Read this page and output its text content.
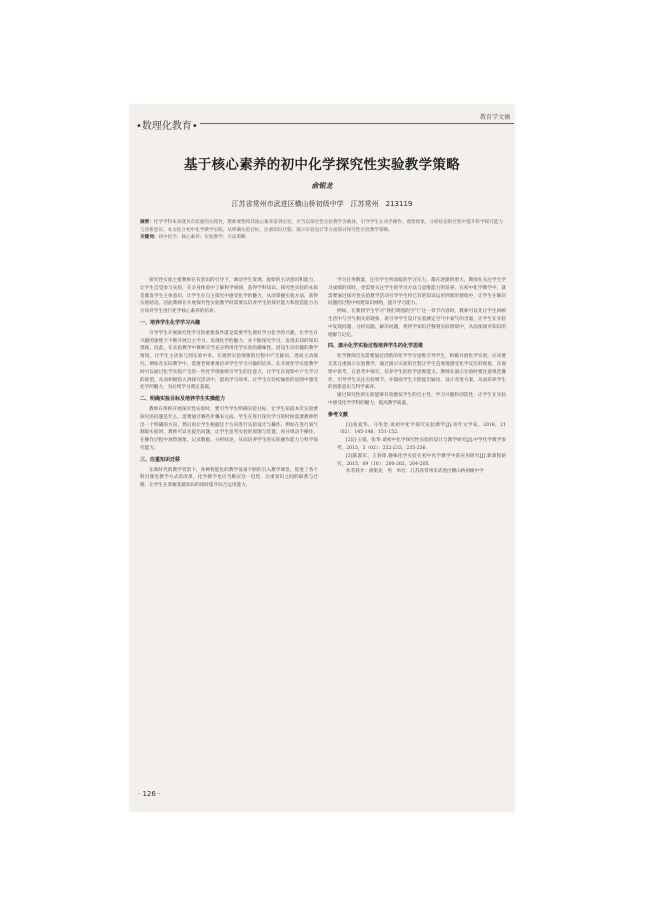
•数理化教育•
教育学文摘
基于核心素养的初中化学探究性实验教学策略
俞银龙
江苏省常州市武进区横山桥初级中学　江苏常州　213119
摘要：化学学科本身就具有较强的实践性，教师要想将其核心素养落到实处，应当以探究性实验教学为载体，引导学生在动手操作、观察现象、分析结论的过程中提升科学探究能力与创新意识。本文结合初中化学教学实践，从明确实验目标、注重知识迁移、演示实验设计等方面探讨探究性实验教学策略。
关键词：初中化学；核心素养；实验教学；方法策略

探究性实验主要教师在有意识的引导下，调动学生发现、观察的主动意识和能力，让学生自觉参与实验，在亲身体验中了解科学规律，获得学科知识。探究性实验的本质是激发学生主体意识，让学生在自主探究中感受化学的魅力，从而掌握实验方法，获得实验结论。因此教师在开展探究性实验教学时需要以培养学生的探究能力和创造能力为方向对学生进行化学核心素养的培养。

一、培养学生化学学习兴趣

引导学生开展探究性学习的重要条件就是需要学生拥有学习化学的兴趣，让学生在兴趣的驱使下不断开展自主学习、发现化学的魅力，并不断探究学习、发现未知的知识奥秘。因此，在实验教学中教师应当充分利用化学实验的趣味性，创设生动有趣的教学情境，让学生主动参与到实验中来，在观察实验现象的过程中产生疑问，进而主动探究。例如在实际教学中，需要老师重视培养学生学习兴趣的培养，在开展化学实验教学时可以通过化学实验产生的一些化学现象吸引学生的注意力，让学生在观察中产生学习的欲望，从而积极投入到探究活动中，提高学习效率，让学生在轻松愉快的氛围中感受化学的魅力，为后续学习奠定基础。

二、明确实验目标及培养学生实操能力

教师在组织开展探究性实验时，要引导学生明确实验目标，让学生知道本次实验要探究的问题是什么，需要通过哪些步骤来完成。学生在进行探究学习的时候需要教师给出一个明确的方向，然后再让学生根据这个方向进行实验设计与操作。例如在进行氧气制取实验时，教师可以先提出问题，让学生思考实验的原理与装置，再分组动手操作，在操作过程中观察现象、记录数据、分析结论，从而培养学生的实际操作能力与科学探究能力。

三、注重知识迁移

在新时代的教学背景下，各种智能化的教学设备不断的引入教学课堂，促进了各个科目课堂教学方式的改革，化学教学也应当顺应这一趋势，注重知识之间的联系与迁移，让学生在掌握基础知识的同时提升综合运用能力。

学习任务数量，还有学生所面临的学习压力，都在逐渐的增大，教师在关注学生学习成绩的同时，更需要关注学生的学习方法与思维能力的培养。在初中化学教学中，就需要通过探究性实验教学活动引导学生将已有的知识运用到新的情境中，让学生在解决问题的过程中构建知识网络，提升学习能力。

例如，在教授学生学习“我们周围的空气”这一章节内容时，教师可以先让学生回顾生活中与空气相关的现象，再引导学生设计实验测定空气中氧气的含量，让学生在实验中发现问题、分析问题、解决问题，将所学知识迁移到实际情境中，从而加深对知识的理解与记忆。

四、演示化学实验过程培养学生的化学思维

化学教师首先需要通过创新的化学学习思维引导学生，积极开展化学实验，应该要尤其注重演示实验教学，通过演示实验的过程让学生直观地感受化学反应的现象，在观察中思考，在思考中探究，培养学生的化学思维能力。教师在演示实验时要注意规范操作，引导学生关注实验细节，并鼓励学生大胆提出疑问，设计改进方案，从而培养学生的创新意识与科学素养。

通过探究性的实验能够有效激发学生的自主性、学习兴趣和创造性，让学生在实验中感受化学学科的魅力，提高教学质量。

参考文献

[1]张爱华、马冬金.谈初中化学探究实验教学[J].青年文学家，2018，21（02）：145-146，151-152.

[2]汪玉娟、张华.谈初中化学探究性实验的设计与教学研究[J].中学化学教学参考，2015，3（02）：232-233，235-236.

[3]陈淑军、王春锋.趣味化学实验在初中化学教学中的应用研究[J].新课程研究，2015，09（16）：200-202，204-205.

作者简介：俞银龙　男　单位：江苏省常州市武进区横山桥初级中学

· 126 ·
